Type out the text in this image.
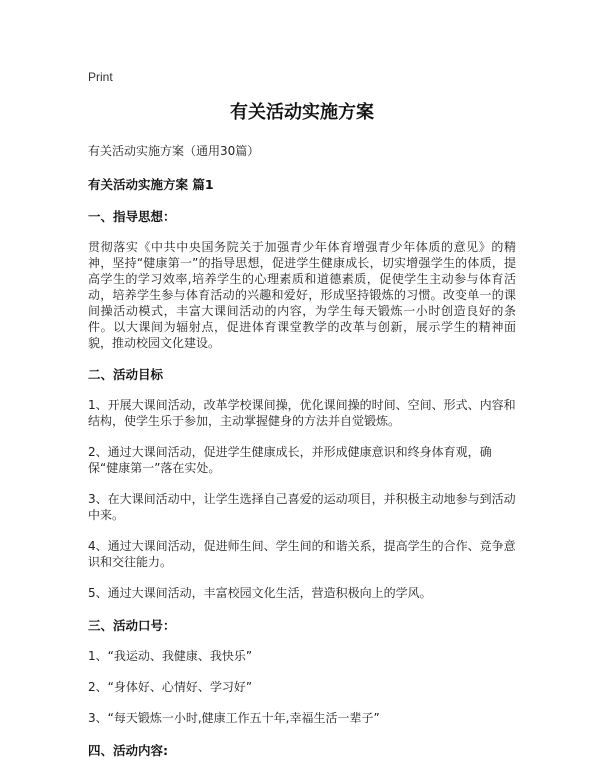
Print
有关活动实施方案
有关活动实施方案（通用30篇）
有关活动实施方案 篇1
一、指导思想：
贯彻落实《中共中央国务院关于加强青少年体育增强青少年体质的意见》的精神，坚持“健康第一”的指导思想，促进学生健康成长，切实增强学生的体质，提高学生的学习效率,培养学生的心理素质和道德素质，促使学生主动参与体育活动，培养学生参与体育活动的兴趣和爱好，形成坚持锻炼的习惯。改变单一的课间操活动模式，丰富大课间活动的内容，为学生每天锻炼一小时创造良好的条件。以大课间为辐射点，促进体育课堂教学的改革与创新，展示学生的精神面貌，推动校园文化建设。
二、活动目标
1、开展大课间活动，改革学校课间操，优化课间操的时间、空间、形式、内容和结构，使学生乐于参加，主动掌握健身的方法并自觉锻炼。
2、通过大课间活动，促进学生健康成长，并形成健康意识和终身体育观，确保“健康第一”落在实处。
3、在大课间活动中，让学生选择自己喜爱的运动项目，并积极主动地参与到活动中来。
4、通过大课间活动，促进师生间、学生间的和谐关系，提高学生的合作、竞争意识和交往能力。
5、通过大课间活动，丰富校园文化生活，营造积极向上的学风。
三、活动口号：
1、“我运动、我健康、我快乐”
2、“身体好、心情好、学习好”
3、“每天锻炼一小时,健康工作五十年,幸福生活一辈子”
四、活动内容:
